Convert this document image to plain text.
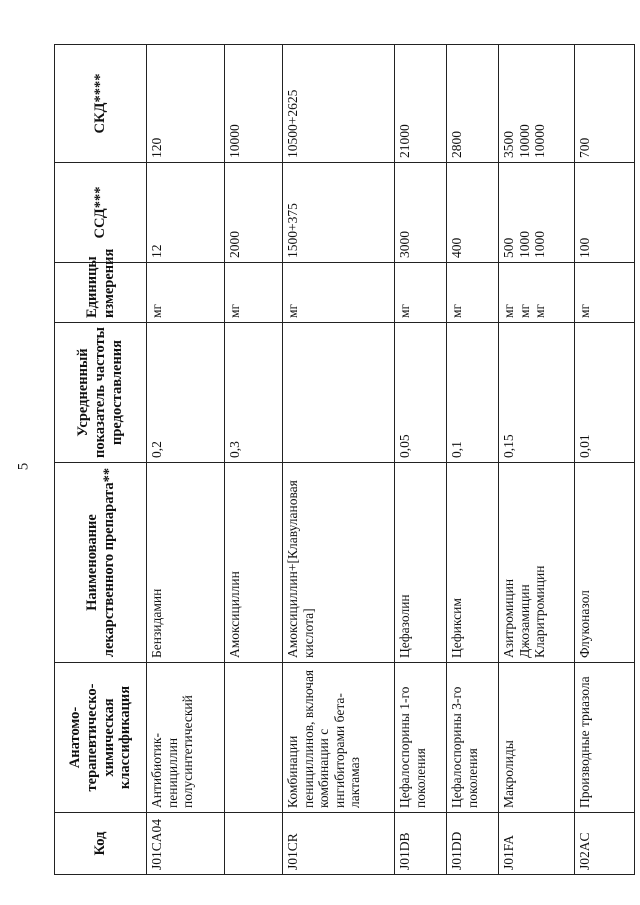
5
Код	Анатомо-терапевтическо-химическая классификация	Наименование лекарственного препарата**	Усредненный показатель частоты предоставления	Единицы измерения	ССД***	СКД****
J01CA04	Антибиотик-пенициллин полусинтетический	Бензидамин	0,2	мг	12	120

		Амоксициллин	0,3	мг	2000	10000

J01CR	Комбинации пенициллинов, включая комбинации с ингибиторами бета-лактамаз	Амоксициллин+[Клавулановая кислота]		мг	1500+375	10500+2625

J01DB	Цефалоспорины 1-го поколения	Цефазолин	0,05	мг	3000	21000

J01DD	Цефалоспорины 3-го поколения	Цефиксим	0,1	мг	400	2800

J01FA	Макролиды	Азитромицин Джозамицин Кларитромицин	0,15	мг мг мг	500 1000 1000	3500 10000 10000

J02AC	Производные триазола	Флуконазол	0,01	мг	100	700
